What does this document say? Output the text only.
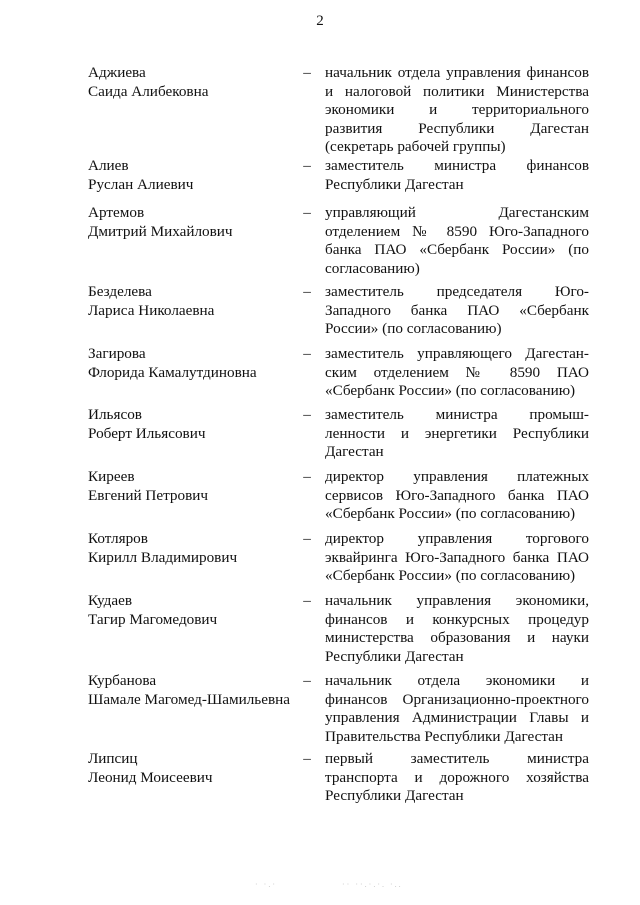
2
Аджиева
Саида Алибековна
– начальник отдела управления финансов
и налоговой политики Министерства
экономики и территориального
развития Республики Дагестан
(секретарь рабочей группы)
Алиев
Руслан Алиевич
– заместитель министра финансов
Республики Дагестан
Артемов
Дмитрий Михайлович
– управляющий Дагестанским
отделением № 8590 Юго-Западного
банка ПАО «Сбербанк России» (по
согласованию)
Безделева
Лариса Николаевна
– заместитель председателя Юго-
Западного банка ПАО «Сбербанк
России» (по согласованию)
Загирова
Флорида Камалутдиновна
– заместитель управляющего Дагестан-
ским отделением № 8590 ПАО
«Сбербанк России» (по согласованию)
Ильясов
Роберт Ильясович
– заместитель министра промыш-
ленности и энергетики Республики
Дагестан
Киреев
Евгений Петрович
– директор управления платежных
сервисов Юго-Западного банка ПАО
«Сбербанк России» (по согласованию)
Котляров
Кирилл Владимирович
– директор управления торгового
эквайринга Юго-Западного банка ПАО
«Сбербанк России» (по согласованию)
Кудаев
Тагир Магомедович
– начальник управления экономики,
финансов и конкурсных процедур
министерства образования и науки
Республики Дагестан
Курбанова
Шамале Магомед-Шамильевна
– начальник отдела экономики и
финансов Организационно-проектного
управления Администрации Главы и
Правительства Республики Дагестан
Липсиц
Леонид Моисеевич
– первый заместитель министра
транспорта и дорожного хозяйства
Республики Дагестан
· ·.·	·· ··.·.·. ·..
